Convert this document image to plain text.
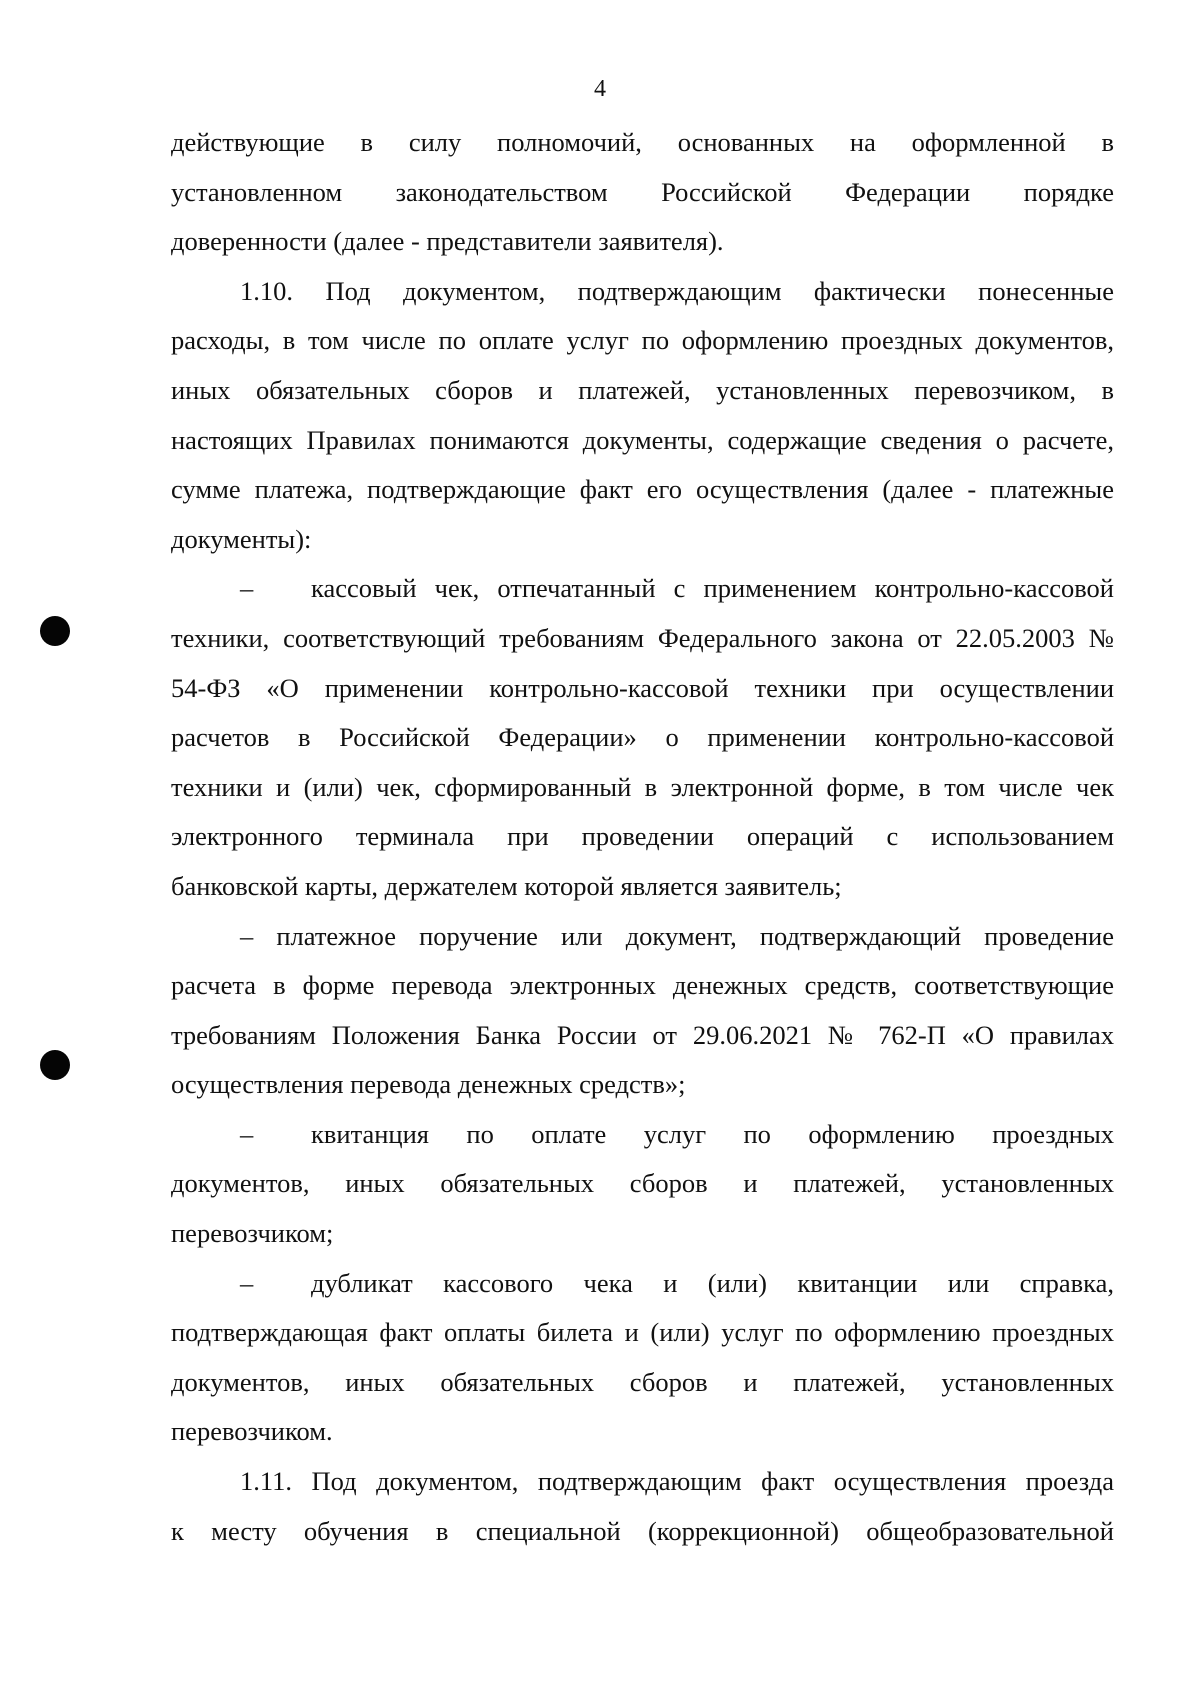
4
действующие в силу полномочий, основанных на оформленной в
установленном законодательством Российской Федерации порядке
доверенности (далее - представители заявителя).
1.10. Под документом, подтверждающим фактически понесенные
расходы, в том числе по оплате услуг по оформлению проездных документов,
иных обязательных сборов и платежей, установленных перевозчиком, в
настоящих Правилах понимаются документы, содержащие сведения о расчете,
сумме платежа, подтверждающие факт его осуществления (далее - платежные
документы):
–	кассовый чек, отпечатанный с применением контрольно-кассовой
техники, соответствующий требованиям Федерального закона от 22.05.2003 №
54-ФЗ «О применении контрольно-кассовой техники при осуществлении
расчетов в Российской Федерации» о применении контрольно-кассовой
техники и (или) чек, сформированный в электронной форме, в том числе чек
электронного терминала при проведении операций с использованием
банковской карты, держателем которой является заявитель;
– платежное поручение или документ, подтверждающий проведение
расчета в форме перевода электронных денежных средств, соответствующие
требованиям Положения Банка России от 29.06.2021 № 762-П «О правилах
осуществления перевода денежных средств»;
–	квитанция по оплате услуг по оформлению проездных
документов, иных обязательных сборов и платежей, установленных
перевозчиком;
–	дубликат кассового чека и (или) квитанции или справка,
подтверждающая факт оплаты билета и (или) услуг по оформлению проездных
документов, иных обязательных сборов и платежей, установленных
перевозчиком.
1.11. Под документом, подтверждающим факт осуществления проезда
к месту обучения в специальной (коррекционной) общеобразовательной
